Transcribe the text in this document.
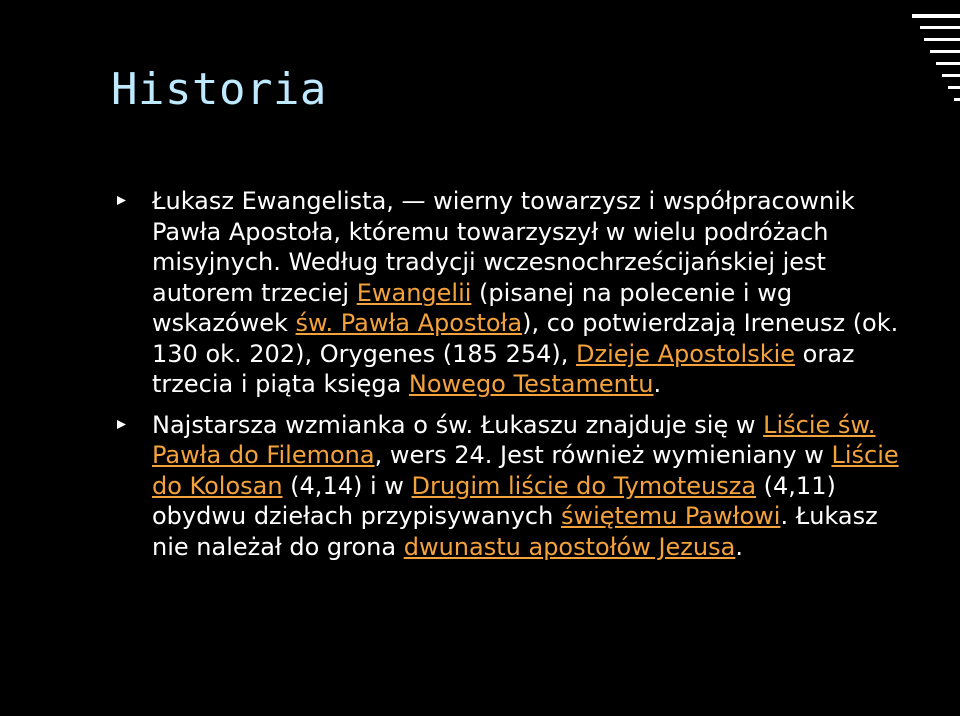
Historia
Łukasz Ewangelista, — wierny towarzysz i współpracownik Pawła Apostoła, któremu towarzyszył w wielu podróżach misyjnych. Według tradycji wczesnochrześcijańskiej jest autorem trzeciej Ewangelii (pisanej na polecenie i wg wskazówek św. Pawła Apostoła), co potwierdzają Ireneusz (ok. 130 ok. 202), Orygenes (185 254), Dzieje Apostolskie oraz trzecia i piąta księga Nowego Testamentu.
Najstarsza wzmianka o św. Łukaszu znajduje się w Liście św. Pawła do Filemona, wers 24. Jest również wymieniany w Liście do Kolosan (4,14) i w Drugim liście do Tymoteusza (4,11) obydwu dziełach przypisywanych świętemu Pawłowi. Łukasz nie należał do grona dwunastu apostołów Jezusa.
